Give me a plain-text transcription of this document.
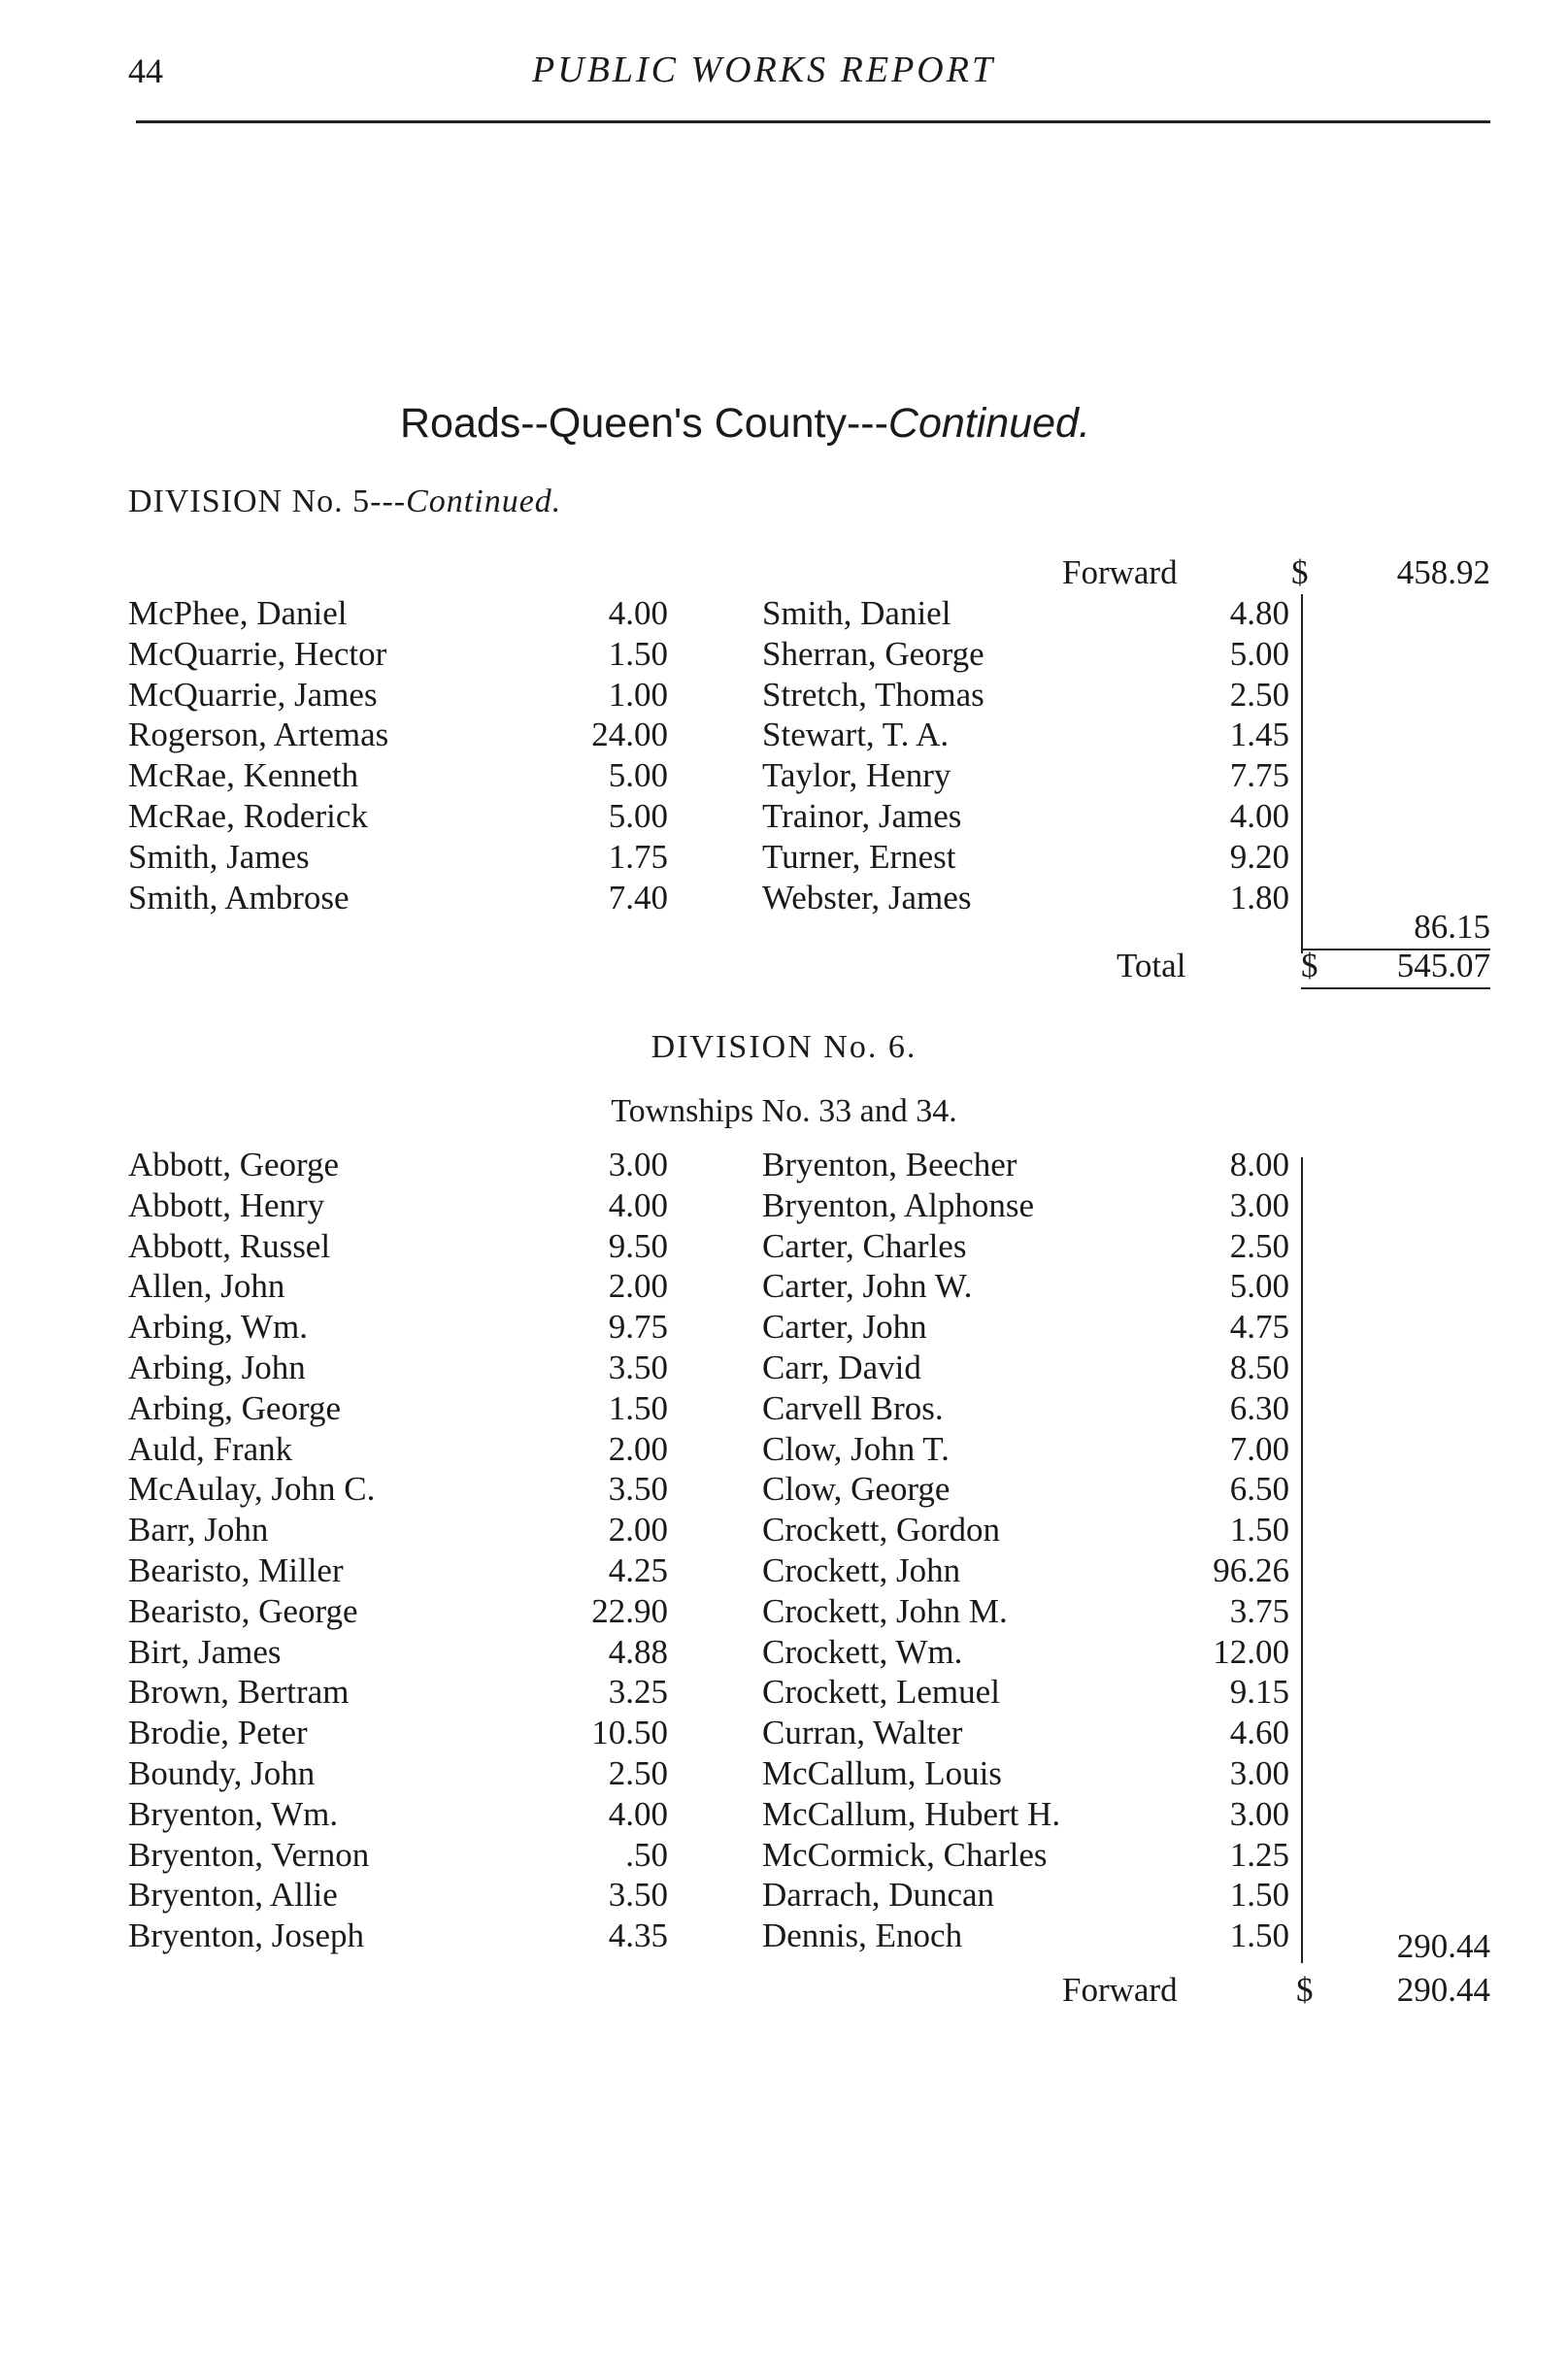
44	PUBLIC WORKS REPORT
Roads--Queen's County---Continued.
DIVISION No. 5---Continued.
Forward	$	458.92
McPhee, Daniel	4.00	Smith, Daniel	4.80
McQuarrie, Hector	1.50	Sherran, George	5.00
McQuarrie, James	1.00	Stretch, Thomas	2.50
Rogerson, Artemas	24.00	Stewart, T. A.	1.45
McRae, Kenneth	5.00	Taylor, Henry	7.75
McRae, Roderick	5.00	Trainor, James	4.00
Smith, James	1.75	Turner, Ernest	9.20
Smith, Ambrose	7.40	Webster, James	1.80
86.15
Total	$	545.07
DIVISION No. 6.
Townships No. 33 and 34.
Abbott, George	3.00	Bryenton, Beecher	8.00
Abbott, Henry	4.00	Bryenton, Alphonse	3.00
Abbott, Russel	9.50	Carter, Charles	2.50
Allen, John	2.00	Carter, John W.	5.00
Arbing, Wm.	9.75	Carter, John	4.75
Arbing, John	3.50	Carr, David	8.50
Arbing, George	1.50	Carvell Bros.	6.30
Auld, Frank	2.00	Clow, John T.	7.00
McAulay, John C.	3.50	Clow, George	6.50
Barr, John	2.00	Crockett, Gordon	1.50
Bearisto, Miller	4.25	Crockett, John	96.26
Bearisto, George	22.90	Crockett, John M.	3.75
Birt, James	4.88	Crockett, Wm.	12.00
Brown, Bertram	3.25	Crockett, Lemuel	9.15
Brodie, Peter	10.50	Curran, Walter	4.60
Boundy, John	2.50	McCallum, Louis	3.00
Bryenton, Wm.	4.00	McCallum, Hubert H.	3.00
Bryenton, Vernon	.50	McCormick, Charles	1.25
Bryenton, Allie	3.50	Darrach, Duncan	1.50
Bryenton, Joseph	4.35	Dennis, Enoch	1.50	290.44
Forward	$	290.44
